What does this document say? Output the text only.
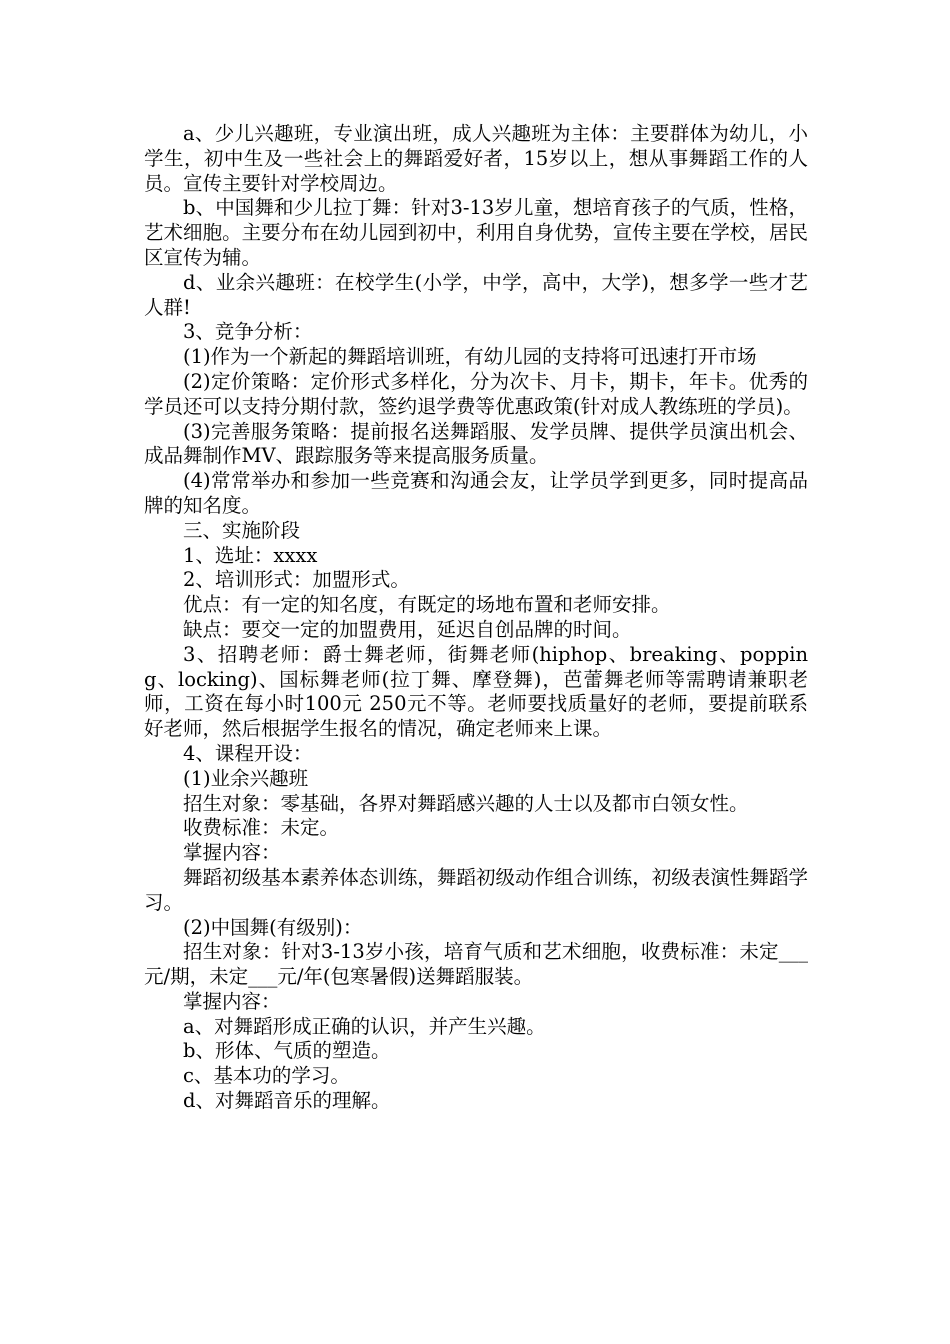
a、少儿兴趣班，专业演出班，成人兴趣班为主体：主要群体为幼儿，小学生，初中生及一些社会上的舞蹈爱好者，15岁以上，想从事舞蹈工作的人员。宣传主要针对学校周边。

b、中国舞和少儿拉丁舞：针对3-13岁儿童，想培育孩子的气质，性格，艺术细胞。主要分布在幼儿园到初中，利用自身优势，宣传主要在学校，居民区宣传为辅。

d、业余兴趣班：在校学生(小学，中学，高中，大学)，想多学一些才艺人群!

3、竞争分析：

(1)作为一个新起的舞蹈培训班，有幼儿园的支持将可迅速打开市场

(2)定价策略：定价形式多样化，分为次卡、月卡，期卡，年卡。优秀的学员还可以支持分期付款，签约退学费等优惠政策(针对成人教练班的学员)。

(3)完善服务策略：提前报名送舞蹈服、发学员牌、提供学员演出机会、成品舞制作MV、跟踪服务等来提高服务质量。

(4)常常举办和参加一些竞赛和沟通会友，让学员学到更多，同时提高品牌的知名度。

三、实施阶段

1、选址：xxxx

2、培训形式：加盟形式。

优点：有一定的知名度，有既定的场地布置和老师安排。

缺点：要交一定的加盟费用，延迟自创品牌的时间。

3、招聘老师：爵士舞老师，街舞老师(hiphop、breaking、popping、locking)、国标舞老师(拉丁舞、摩登舞)，芭蕾舞老师等需聘请兼职老师，工资在每小时100元 250元不等。老师要找质量好的老师，要提前联系好老师，然后根据学生报名的情况，确定老师来上课。

4、课程开设：

(1)业余兴趣班

招生对象：零基础，各界对舞蹈感兴趣的人士以及都市白领女性。

收费标准：未定。

掌握内容：

舞蹈初级基本素养体态训练，舞蹈初级动作组合训练，初级表演性舞蹈学习。

(2)中国舞(有级别)：

招生对象：针对3-13岁小孩，培育气质和艺术细胞，收费标准：未定___元/期，未定___元/年(包寒暑假)送舞蹈服装。

掌握内容：

a、对舞蹈形成正确的认识，并产生兴趣。

b、形体、气质的塑造。

c、基本功的学习。

d、对舞蹈音乐的理解。
